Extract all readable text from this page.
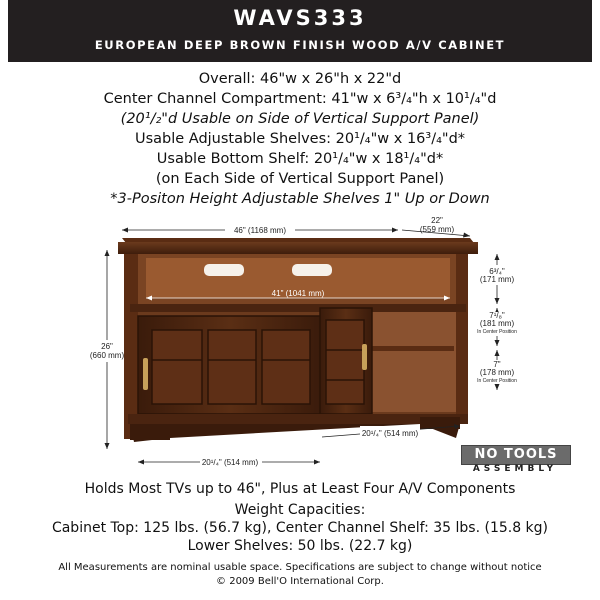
WAVS333
EUROPEAN DEEP BROWN FINISH WOOD A/V CABINET
Overall: 46"w x 26"h x 22"d
Center Channel Compartment: 41"w x 6³/₄"h x 10¹/₄"d
(20¹/₂"d Usable on Side of Vertical Support Panel)
Usable Adjustable Shelves: 20¹/₄"w x 16³/₄"d*
Usable Bottom Shelf: 20¹/₄"w x 18¹/₄"d*
(on Each Side of Vertical Support Panel)
*3-Positon Height Adjustable Shelves 1" Up or Down
46" (1168 mm)
22"
(559 mm)
26"
(660 mm)
41" (1041 mm)
6³/₄"
(171 mm)
7¹/₈"
(181 mm)
In Center Position
7"
(178 mm)
In Center Position
20¹/₄" (514 mm)
20¹/₄" (514 mm)
NO TOOLS
ASSEMBLY
Holds Most TVs up to 46", Plus at Least Four A/V Components
Weight Capacities:
Cabinet Top: 125 lbs. (56.7 kg), Center Channel Shelf: 35 lbs. (15.8 kg)
Lower Shelves: 50 lbs. (22.7 kg)
All Measurements are nominal usable space. Specifications are subject to change without notice
© 2009 Bell'O International Corp.
